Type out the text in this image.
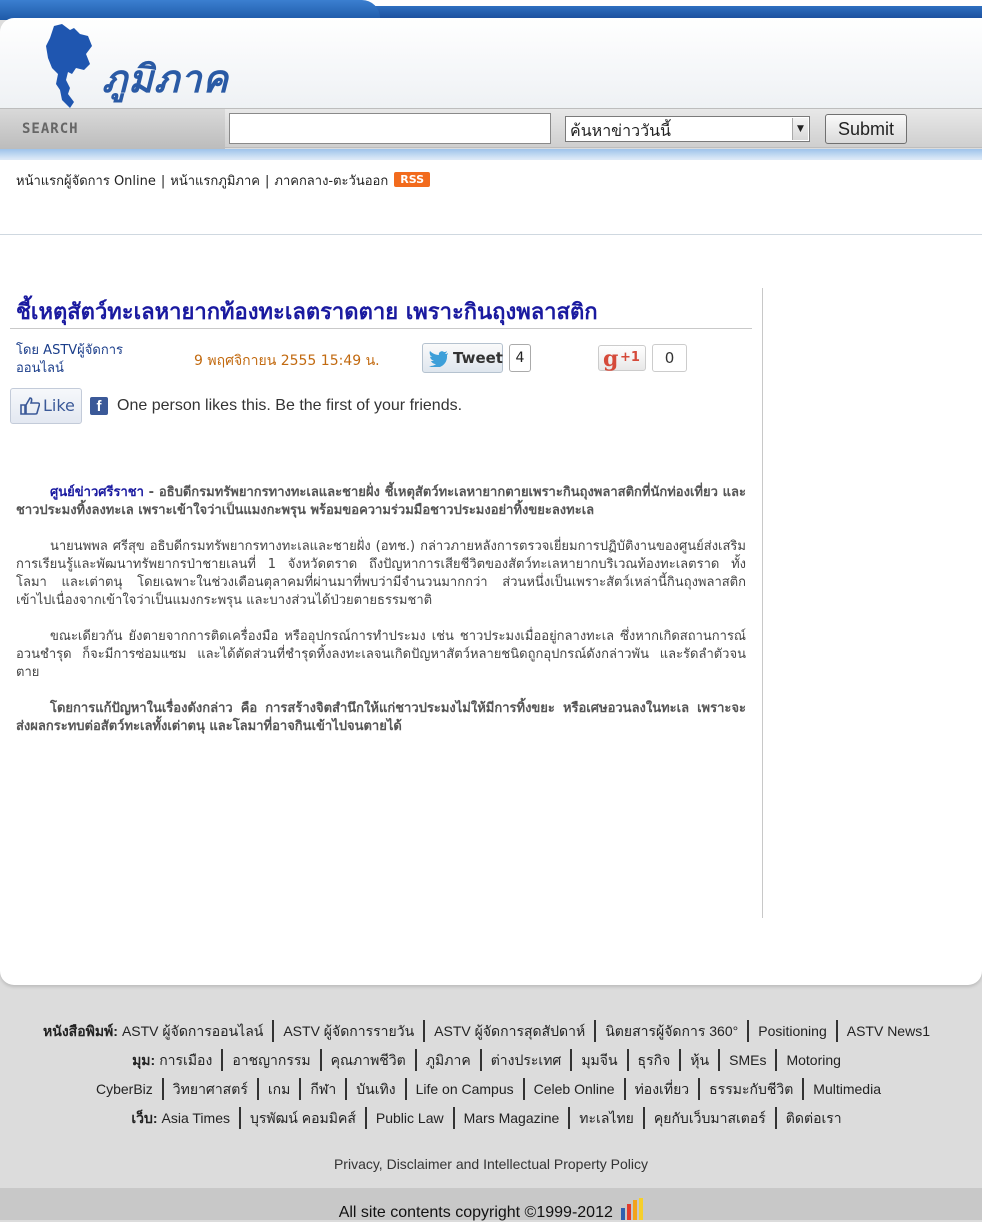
ภูมิภาค
SEARCH	ค้นหาข่าววันนี้	▼	Submit
หน้าแรกผู้จัดการ Online | หน้าแรกภูมิภาค | ภาคกลาง-ตะวันออก RSS
ชี้เหตุสัตว์ทะเลหายากท้องทะเลตราดตาย เพราะกินถุงพลาสติก
โดย ASTVผู้จัดการออนไลน์	9 พฤศจิกายน 2555 15:49 น.	Tweet 4	g +1	0
Like	f One person likes this. Be the first of your friends.

ศูนย์ข่าวศรีราชา - อธิบดีกรมทรัพยากรทางทะเลและชายฝั่ง ชี้เหตุสัตว์ทะเลหายากตายเพราะกินถุงพลาสติกที่นักท่องเที่ยว และชาวประมงทิ้งลงทะเล เพราะเข้าใจว่าเป็นแมงกะพรุน พร้อมขอความร่วมมือชาวประมงอย่าทิ้งขยะลงทะเล

นายนพพล ศรีสุข อธิบดีกรมทรัพยากรทางทะเลและชายฝั่ง (อทช.) กล่าวภายหลังการตรวจเยี่ยมการปฏิบัติงานของศูนย์ส่งเสริมการเรียนรู้และพัฒนาทรัพยากรป่าชายเลนที่ 1 จังหวัดตราด ถึงปัญหาการเสียชีวิตของสัตว์ทะเลหายากบริเวณท้องทะเลตราด ทั้งโลมา และเต่าตนุ โดยเฉพาะในช่วงเดือนตุลาคมที่ผ่านมาที่พบว่ามีจำนวนมากกว่า ส่วนหนึ่งเป็นเพราะสัตว์เหล่านี้กินถุงพลาสติกเข้าไปเนื่องจากเข้าใจว่าเป็นแมงกระพรุน และบางส่วนได้ป่วยตายธรรมชาติ

ขณะเดียวกัน ยังตายจากการติดเครื่องมือ หรืออุปกรณ์การทำประมง เช่น ชาวประมงเมื่ออยู่กลางทะเล ซึ่งหากเกิดสถานการณ์อวนชำรุด ก็จะมีการซ่อมแซม และได้ตัดส่วนที่ชำรุดทิ้งลงทะเลจนเกิดปัญหาสัตว์หลายชนิดถูกอุปกรณ์ดังกล่าวพัน และรัดลำตัวจนตาย

โดยการแก้ปัญหาในเรื่องดังกล่าว คือ การสร้างจิตสำนึกให้แก่ชาวประมงไม่ให้มีการทิ้งขยะ หรือเศษอวนลงในทะเล เพราะจะส่งผลกระทบต่อสัตว์ทะเลทั้งเต่าตนุ และโลมาที่อาจกินเข้าไปจนตายได้

หนังสือพิมพ์: ASTV ผู้จัดการออนไลน์ ASTV ผู้จัดการรายวัน ASTV ผู้จัดการสุดสัปดาห์ นิตยสารผู้จัดการ 360° Positioning ASTV News1
มุม: การเมือง อาชญากรรม คุณภาพชีวิต ภูมิภาค ต่างประเทศ มุมจีน ธุรกิจ หุ้น SMEs Motoring
CyberBiz วิทยาศาสตร์ เกม กีฬา บันเทิง Life on Campus Celeb Online ท่องเที่ยว ธรรมะกับชีวิต Multimedia
เว็บ: Asia Times บุรพัฒน์ คอมมิคส์ Public Law Mars Magazine ทะเลไทย คุยกับเว็บมาสเตอร์ ติดต่อเรา
Privacy, Disclaimer and Intellectual Property Policy
All site contents copyright ©1999-2012
